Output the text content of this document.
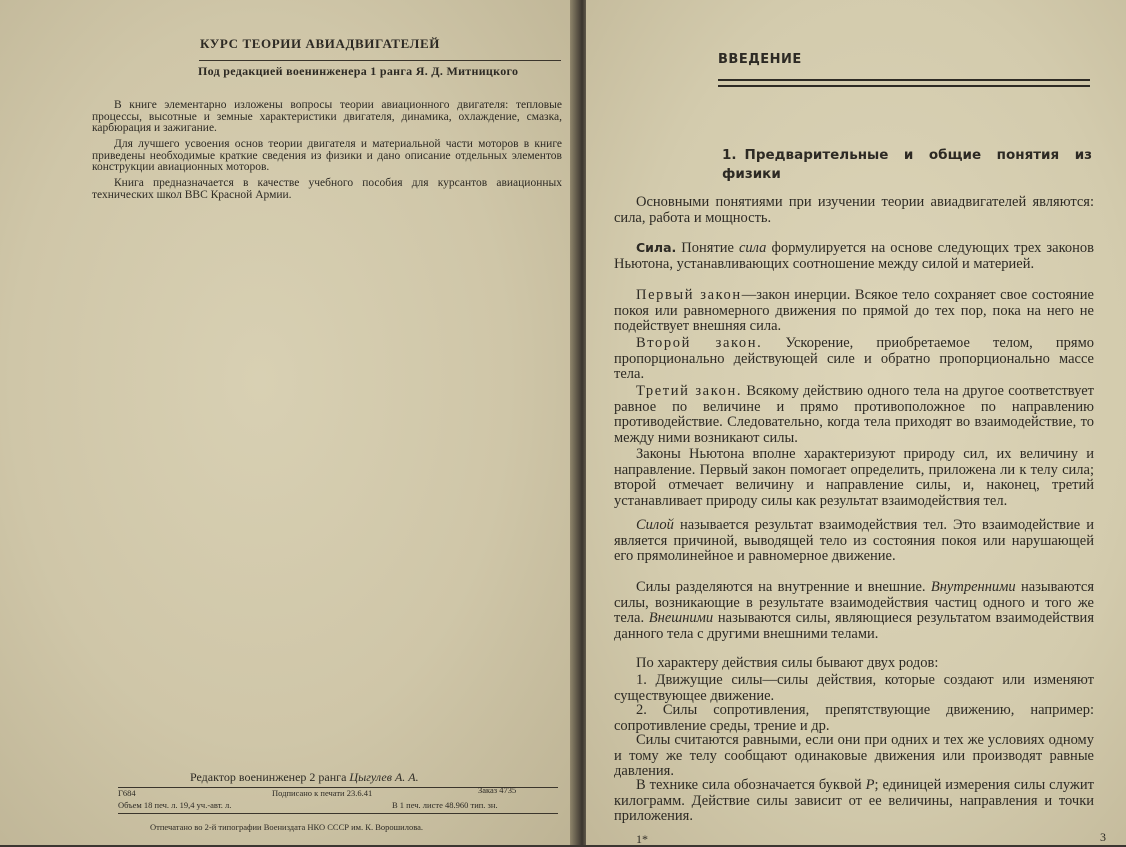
КУРС ТЕОРИИ АВИАДВИГАТЕЛЕЙ
Под редакцией военинженера 1 ранга Я. Д. Митницкого
В книге элементарно изложены вопросы теории авиационного двигателя: тепловые процессы, высотные и земные характеристики двигателя, динамика, охлаждение, смазка, карбюрация и зажигание.
Для лучшего усвоения основ теории двигателя и материальной части моторов в книге приведены необходимые краткие сведения из физики и дано описание отдельных элементов конструкции авиационных моторов.
Книга предназначается в качестве учебного пособия для курсантов авиационных технических школ ВВС Красной Армии.
Редактор военинженер 2 ранга Цыгулев А. А.
Г684	Подписано к печати 23.6.41	Заказ 4735
Объем 18 печ. л. 19,4 уч.-авт. л.	В 1 печ. листе 48.960 тип. зн.
Отпечатано во 2-й типографии Воениздата НКО СССР им. К. Ворошилова.
ВВЕДЕНИЕ
1. Предварительные и общие понятия из физики
Основными понятиями при изучении теории авиадвигателей являются: сила, работа и мощность.
Сила. Понятие сила формулируется на основе следующих трех законов Ньютона, устанавливающих соотношение между силой и материей.
Первый закон—закон инерции. Всякое тело сохраняет свое состояние покоя или равномерного движения по прямой до тех пор, пока на него не подействует внешняя сила.
Второй закон. Ускорение, приобретаемое телом, прямо пропорционально действующей силе и обратно пропорционально массе тела.
Третий закон. Всякому действию одного тела на другое соответствует равное по величине и прямо противоположное по направлению противодействие. Следовательно, когда тела приходят во взаимодействие, то между ними возникают силы.
Законы Ньютона вполне характеризуют природу сил, их величину и направление. Первый закон помогает определить, приложена ли к телу сила; второй отмечает величину и направление силы, и, наконец, третий устанавливает природу силы как результат взаимодействия тел.
Силой называется результат взаимодействия тел. Это взаимодействие и является причиной, выводящей тело из состояния покоя или нарушающей его прямолинейное и равномерное движение.
Силы разделяются на внутренние и внешние. Внутренними называются силы, возникающие в результате взаимодействия частиц одного и того же тела. Внешними называются силы, являющиеся результатом взаимодействия данного тела с другими внешними телами.
По характеру действия силы бывают двух родов:
1. Движущие силы—силы действия, которые создают или изменяют существующее движение.
2. Силы сопротивления, препятствующие движению, например: сопротивление среды, трение и др.
Силы считаются равными, если они при одних и тех же условиях одному и тому же телу сообщают одинаковые движения или производят равные давления.
В технике сила обозначается буквой P; единицей измерения силы служит килограмм. Действие силы зависит от ее величины, направления и точки приложения.
1*	3
